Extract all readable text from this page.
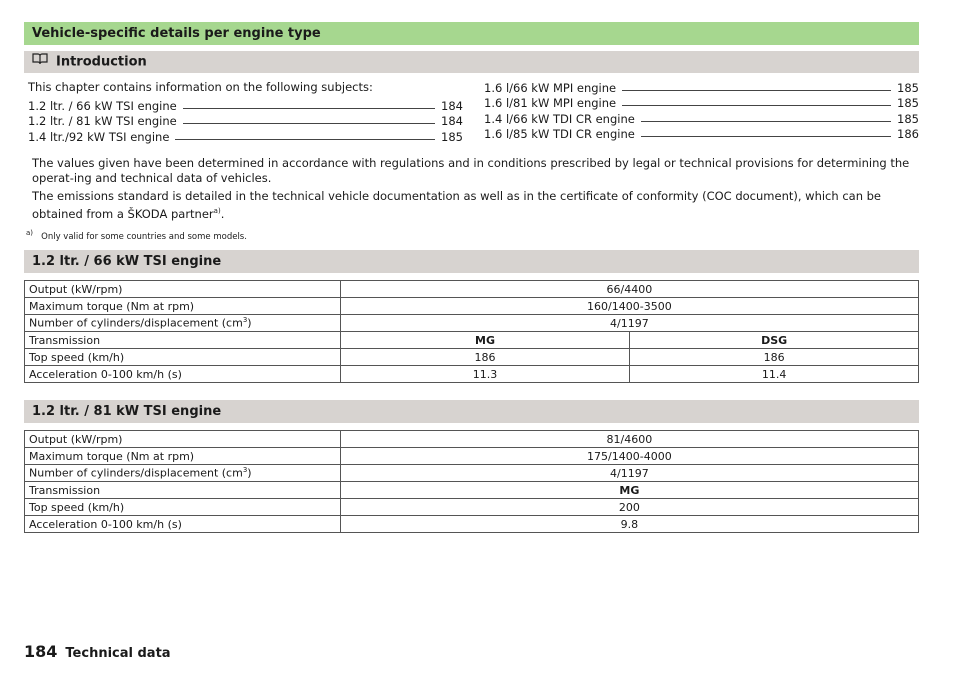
Vehicle-specific details per engine type
Introduction
This chapter contains information on the following subjects:
1.2 ltr. / 66 kW TSI engine	184
1.2 ltr. / 81 kW TSI engine	184
1.4 ltr./92 kW TSI engine	185
1.6 l/66 kW MPI engine	185
1.6 l/81 kW MPI engine	185
1.4 l/66 kW TDI CR engine	185
1.6 l/85 kW TDI CR engine	186
The values given have been determined in accordance with regulations and in conditions prescribed by legal or technical provisions for determining the operat-ing and technical data of vehicles.
The emissions standard is detailed in the technical vehicle documentation as well as in the certificate of conformity (COC document), which can be obtained from a ŠKODA partner$^{a)}$.
$^{a)}$ Only valid for some countries and some models.
1.2 ltr. / 66 kW TSI engine
Output (kW/rpm)	66/4400	
Maximum torque (Nm at rpm)	160/1400-3500	
Number of cylinders/displacement $(cm^3)$	4/1197	
Transmission	MG	DSG
Top speed (km/h)	186	186
Acceleration 0-100 km/h (s)	11.3	11.4
1.2 ltr. / 81 kW TSI engine
Output (kW/rpm)	81/4600
Maximum torque (Nm at rpm)	175/1400-4000
Number of cylinders/displacement $(cm^3)$	4/1197
Transmission	MG
Top speed (km/h)	200
Acceleration 0-100 km/h (s)	9.8
184 Technical data
